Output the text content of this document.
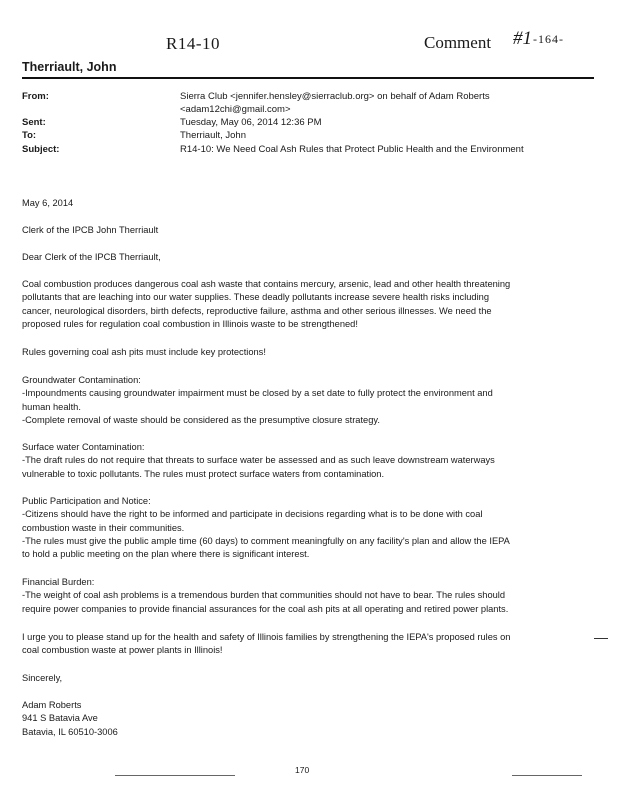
R14-10	Comment #1 -164-
Therriault, John
From:	Sierra Club <jennifer.hensley@sierraclub.org> on behalf of Adam Roberts
<adam12chi@gmail.com>
Sent:	Tuesday, May 06, 2014 12:36 PM
To:	Therriault, John
Subject:	R14-10: We Need Coal Ash Rules that Protect Public Health and the Environment
May 6, 2014
Clerk of the IPCB John Therriault
Dear Clerk of the IPCB Therriault,
Coal combustion produces dangerous coal ash waste that contains mercury, arsenic, lead and other health threatening
pollutants that are leaching into our water supplies. These deadly pollutants increase severe health risks including
cancer, neurological disorders, birth defects, reproductive failure, asthma and other serious illnesses. We need the
proposed rules for regulation coal combustion in Illinois waste to be strengthened!
Rules governing coal ash pits must include key protections!
Groundwater Contamination:
-Impoundments causing groundwater impairment must be closed by a set date to fully protect the environment and
human health.
-Complete removal of waste should be considered as the presumptive closure strategy.
Surface water Contamination:
-The draft rules do not require that threats to surface water be assessed and as such leave downstream waterways
vulnerable to toxic pollutants. The rules must protect surface waters from contamination.
Public Participation and Notice:
-Citizens should have the right to be informed and participate in decisions regarding what is to be done with coal
combustion waste in their communities.
-The rules must give the public ample time (60 days) to comment meaningfully on any facility's plan and allow the IEPA
to hold a public meeting on the plan where there is significant interest.
Financial Burden:
-The weight of coal ash problems is a tremendous burden that communities should not have to bear. The rules should
require power companies to provide financial assurances for the coal ash pits at all operating and retired power plants.
I urge you to please stand up for the health and safety of Illinois families by strengthening the IEPA's proposed rules on
coal combustion waste at power plants in Illinois!
Sincerely,
Adam Roberts
941 S Batavia Ave
Batavia, IL 60510-3006
170
